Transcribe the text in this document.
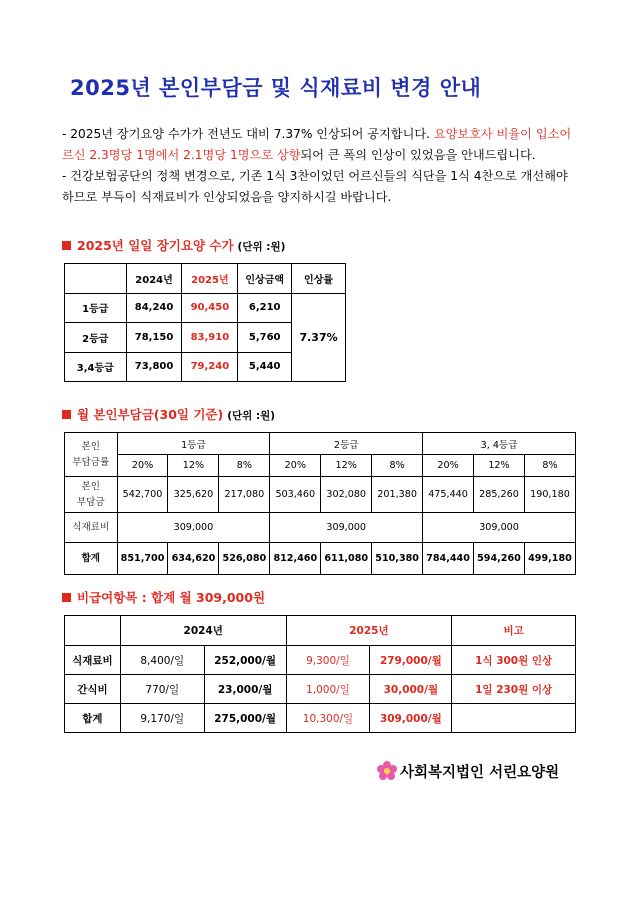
2025년 본인부담금 및 식재료비 변경 안내

- 2025년 장기요양 수가가 전년도 대비 7.37% 인상되어 공지합니다. 요양보호사 비율이 입소어르신 2.3명당 1명에서 2.1명당 1명으로 상향되어 큰 폭의 인상이 있었음을 안내드립니다.

- 건강보험공단의 정책 변경으로, 기존 1식 3찬이었던 어르신들의 식단을 1식 4찬으로 개선해야 하므로 부득이 식재료비가 인상되었음을 양지하시길 바랍니다.

2025년 일일 장기요양 수가 (단위 :원)
	2024년	2025년	인상금액	인상률
1등급	84,240	90,450	6,210	7.37%
2등급	78,150	83,910	5,760	
3,4등급	73,800	79,240	5,440	
월 본인부담금(30일 기준) (단위 :원)
본인
부담금률	1등급			2등급			3, 4등급		
	20%	12%	8%	20%	12%	8%	20%	12%	8%
본인
부담금	542,700	325,620	217,080	503,460	302,080	201,380	475,440	285,260	190,180
식재료비	309,000			309,000			309,000		
합계	851,700	634,620	526,080	812,460	611,080	510,380	784,440	594,260	499,180
비급여항목 : 합계 월 309,000원
	2024년		2025년		비고
식재료비	8,400/일	252,000/월	9,300/일	279,000/월	1식 300원 인상
간식비	770/일	23,000/월	1,000/일	30,000/월	1일 230원 이상
합계	9,170/일	275,000/월	10,300/일	309,000/월	
사회복지법인 서린요양원
